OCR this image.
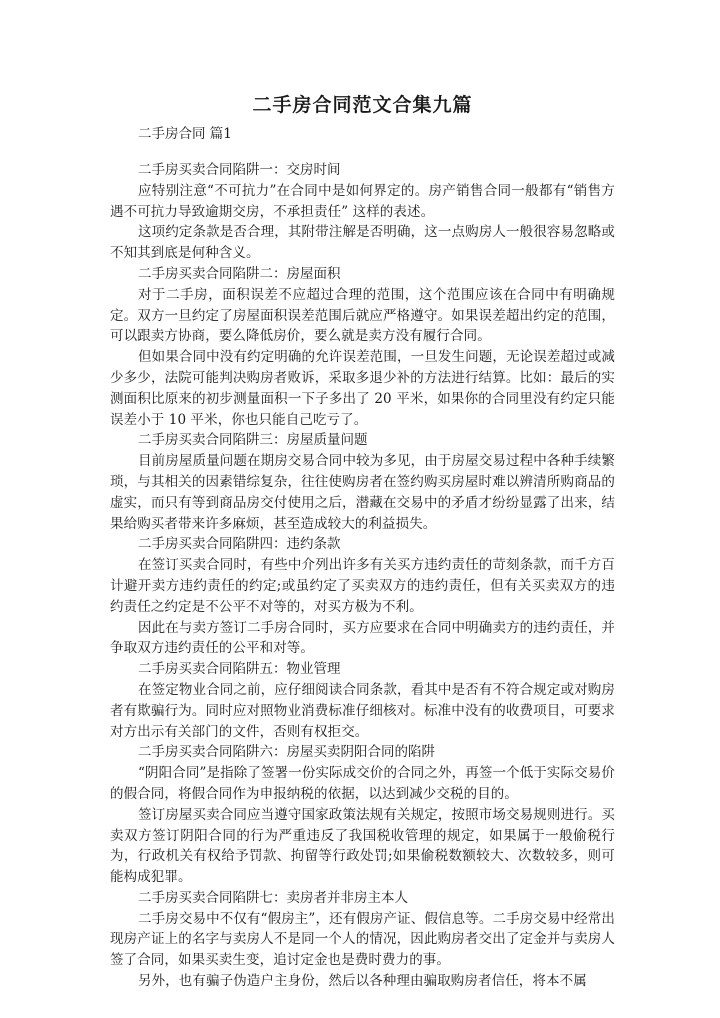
二手房合同范文合集九篇
二手房合同 篇1
二手房买卖合同陷阱一：交房时间
应特别注意“不可抗力”在合同中是如何界定的。房产销售合同一般都有“销售方遇不可抗力导致逾期交房，不承担责任” 这样的表述。
这项约定条款是否合理，其附带注解是否明确，这一点购房人一般很容易忽略或不知其到底是何种含义。
二手房买卖合同陷阱二：房屋面积
对于二手房，面积误差不应超过合理的范围，这个范围应该在合同中有明确规定。双方一旦约定了房屋面积误差范围后就应严格遵守。如果误差超出约定的范围，可以跟卖方协商，要么降低房价，要么就是卖方没有履行合同。
但如果合同中没有约定明确的允许误差范围，一旦发生问题，无论误差超过或减少多少，法院可能判决购房者败诉，采取多退少补的方法进行结算。比如：最后的实测面积比原来的初步测量面积一下子多出了 20 平米，如果你的合同里没有约定只能误差小于 10 平米，你也只能自己吃亏了。
二手房买卖合同陷阱三：房屋质量问题
目前房屋质量问题在期房交易合同中较为多见，由于房屋交易过程中各种手续繁琐，与其相关的因素错综复杂，往往使购房者在签约购买房屋时难以辨清所购商品的虚实，而只有等到商品房交付使用之后，潜藏在交易中的矛盾才纷纷显露了出来，结果给购买者带来许多麻烦，甚至造成较大的利益损失。
二手房买卖合同陷阱四：违约条款
在签订买卖合同时，有些中介列出许多有关买方违约责任的苛刻条款，而千方百计避开卖方违约责任的约定;或虽约定了买卖双方的违约责任，但有关买卖双方的违约责任之约定是不公平不对等的，对买方极为不利。
因此在与卖方签订二手房合同时，买方应要求在合同中明确卖方的违约责任，并争取双方违约责任的公平和对等。
二手房买卖合同陷阱五：物业管理
在签定物业合同之前，应仔细阅读合同条款，看其中是否有不符合规定或对购房者有欺骗行为。同时应对照物业消费标准仔细核对。标准中没有的收费项目，可要求对方出示有关部门的文件，否则有权拒交。
二手房买卖合同陷阱六：房屋买卖阴阳合同的陷阱
“阴阳合同”是指除了签署一份实际成交价的合同之外，再签一个低于实际交易价的假合同，将假合同作为申报纳税的依据，以达到减少交税的目的。
签订房屋买卖合同应当遵守国家政策法规有关规定，按照市场交易规则进行。买卖双方签订阴阳合同的行为严重违反了我国税收管理的规定，如果属于一般偷税行为，行政机关有权给予罚款、拘留等行政处罚;如果偷税数额较大、次数较多，则可能构成犯罪。
二手房买卖合同陷阱七：卖房者并非房主本人
二手房交易中不仅有“假房主”，还有假房产证、假信息等。二手房交易中经常出现房产证上的名字与卖房人不是同一个人的情况，因此购房者交出了定金并与卖房人签了合同，如果买卖生变，追讨定金也是费时费力的事。
另外，也有骗子伪造户主身份，然后以各种理由骗取购房者信任，将本不属
